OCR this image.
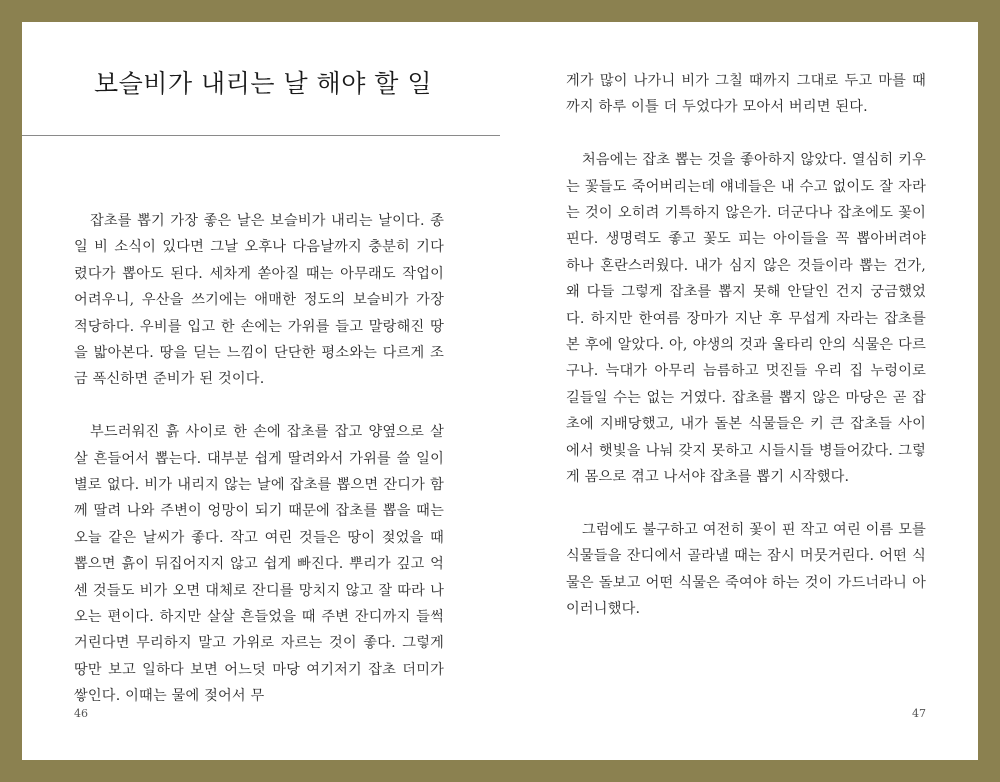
보슬비가 내리는 날 해야 할 일

잡초를 뽑기 가장 좋은 날은 보슬비가 내리는 날이다. 종일 비 소식이 있다면 그날 오후나 다음날까지 충분히 기다렸다가 뽑아도 된다. 세차게 쏟아질 때는 아무래도 작업이 어려우니, 우산을 쓰기에는 애매한 정도의 보슬비가 가장 적당하다. 우비를 입고 한 손에는 가위를 들고 말랑해진 땅을 밟아본다. 땅을 딛는 느낌이 단단한 평소와는 다르게 조금 폭신하면 준비가 된 것이다.

부드러워진 흙 사이로 한 손에 잡초를 잡고 양옆으로 살살 흔들어서 뽑는다. 대부분 쉽게 딸려와서 가위를 쓸 일이 별로 없다. 비가 내리지 않는 날에 잡초를 뽑으면 잔디가 함께 딸려 나와 주변이 엉망이 되기 때문에 잡초를 뽑을 때는 오늘 같은 날씨가 좋다. 작고 여린 것들은 땅이 젖었을 때 뽑으면 흙이 뒤집어지지 않고 쉽게 빠진다. 뿌리가 깊고 억센 것들도 비가 오면 대체로 잔디를 망치지 않고 잘 따라 나오는 편이다. 하지만 살살 흔들었을 때 주변 잔디까지 들썩거린다면 무리하지 말고 가위로 자르는 것이 좋다. 그렇게 땅만 보고 일하다 보면 어느덧 마당 여기저기 잡초 더미가 쌓인다. 이때는 물에 젖어서 무

46

게가 많이 나가니 비가 그칠 때까지 그대로 두고 마를 때까지 하루 이틀 더 두었다가 모아서 버리면 된다.

처음에는 잡초 뽑는 것을 좋아하지 않았다. 열심히 키우는 꽃들도 죽어버리는데 얘네들은 내 수고 없이도 잘 자라는 것이 오히려 기특하지 않은가. 더군다나 잡초에도 꽃이 핀다. 생명력도 좋고 꽃도 피는 아이들을 꼭 뽑아버려야 하나 혼란스러웠다. 내가 심지 않은 것들이라 뽑는 건가, 왜 다들 그렇게 잡초를 뽑지 못해 안달인 건지 궁금했었다. 하지만 한여름 장마가 지난 후 무섭게 자라는 잡초를 본 후에 알았다. 아, 야생의 것과 울타리 안의 식물은 다르구나. 늑대가 아무리 늠름하고 멋진들 우리 집 누렁이로 길들일 수는 없는 거였다. 잡초를 뽑지 않은 마당은 곧 잡초에 지배당했고, 내가 돌본 식물들은 키 큰 잡초들 사이에서 햇빛을 나눠 갖지 못하고 시들시들 병들어갔다. 그렇게 몸으로 겪고 나서야 잡초를 뽑기 시작했다.

그럼에도 불구하고 여전히 꽃이 핀 작고 여린 이름 모를 식물들을 잔디에서 골라낼 때는 잠시 머뭇거린다. 어떤 식물은 돌보고 어떤 식물은 죽여야 하는 것이 가드너라니 아이러니했다.

47
